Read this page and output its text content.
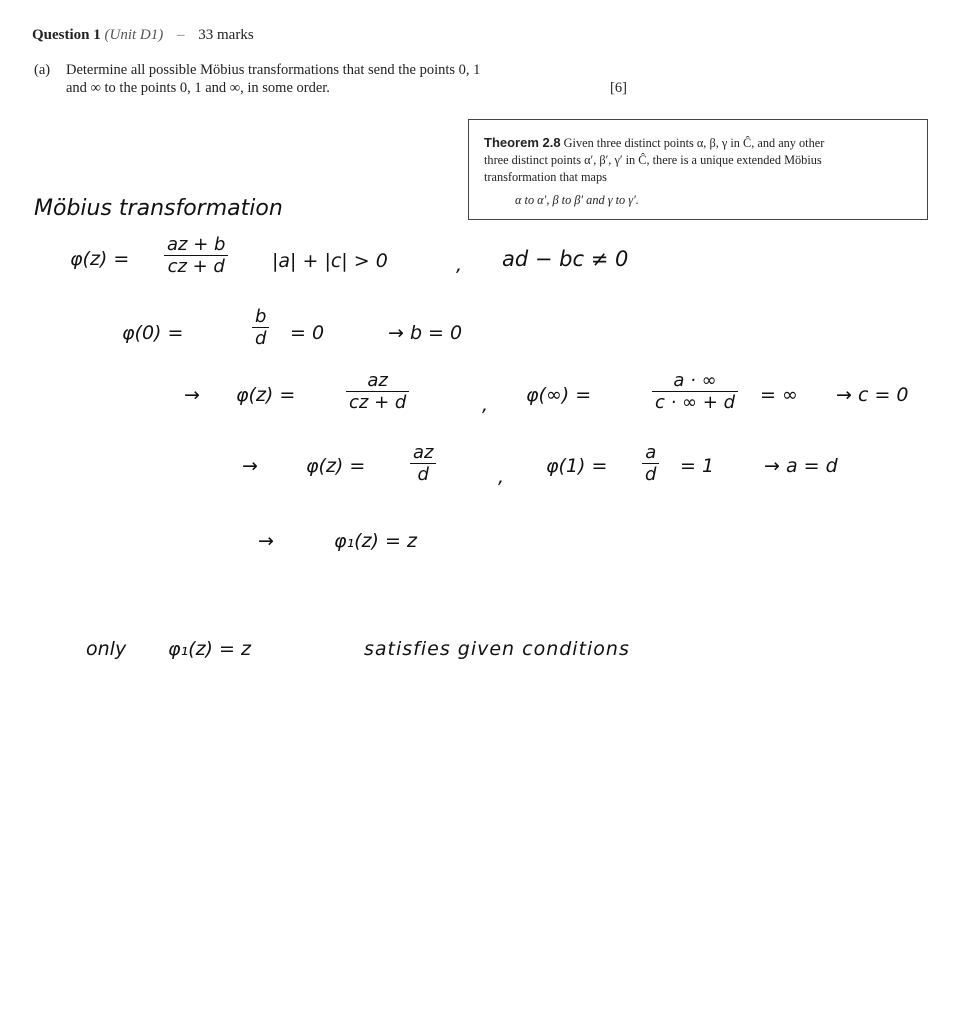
Question 1 (Unit D1) – 33 marks
(a) Determine all possible Möbius transformations that send the points 0, 1
and ∞ to the points 0, 1 and ∞, in some order.	[6]
Theorem 2.8 Given three distinct points α, β, γ in Ĉ, and any other
three distinct points α′, β′, γ′ in Ĉ, there is a unique extended Möbius
transformation that maps
α to α′, β to β′ and γ to γ′.
Möbius transformation
φ(z) =
az + b
cz + d |a| + |c| > 0	, ad − bc ≠ 0
φ(0) =
b
d = 0	→ b = 0
→ φ(z) =
az
cz + d	, φ(∞) =
a · ∞
c · ∞ + d = ∞ → c = 0
→	φ(z) =
az
d	, φ(1) =
a
d = 1	→ a = d
→	φ₁(z) = z
only φ₁(z) = z	satisfies given conditions
